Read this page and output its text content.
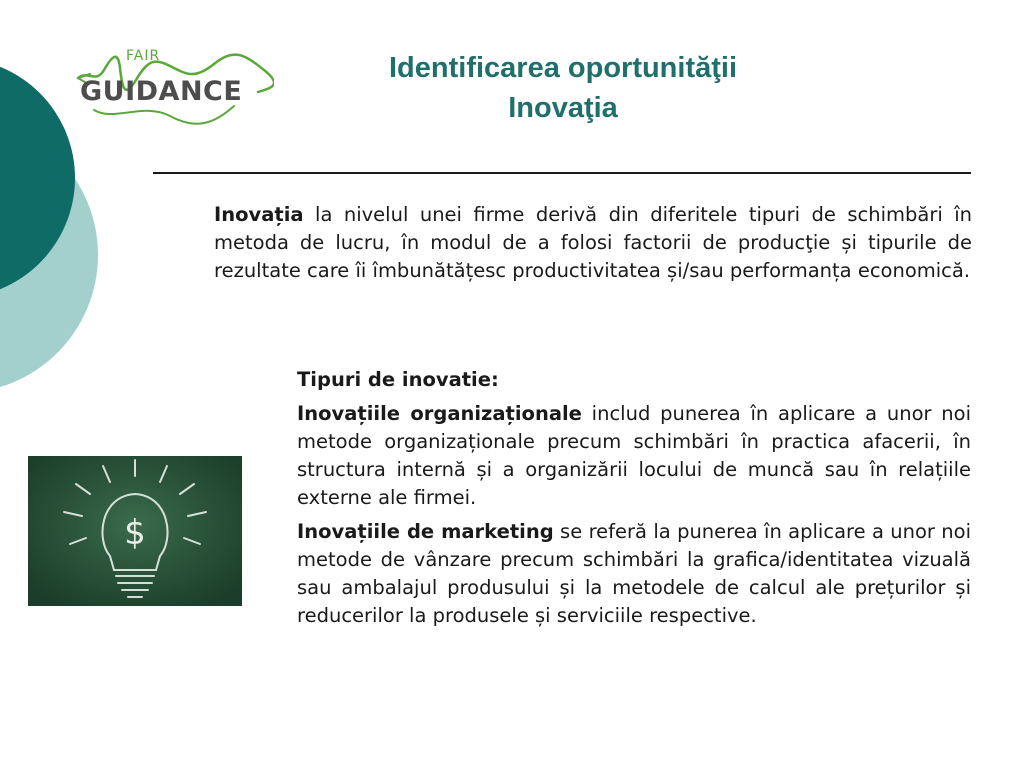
FAIR
GUIDANCE
Identificarea oportunităţii
Inovaţia

Inovația la nivelul unei firme derivă din diferitele tipuri de schimbări în metoda de lucru, în modul de a folosi factorii de producţie și tipurile de rezultate care îi îmbunătățesc productivitatea și/sau performanța economică.

Tipuri de inovatie:

Inovațiile organizaționale includ punerea în aplicare a unor noi metode organizaționale precum schimbări în practica afacerii, în structura internă și a organizării locului de muncă sau în relațiile externe ale firmei.

Inovațiile de marketing se referă la punerea în aplicare a unor noi metode de vânzare precum schimbări la grafica/identitatea vizuală sau ambalajul produsului și la metodele de calcul ale prețurilor și reducerilor la produsele și serviciile respective.

$
